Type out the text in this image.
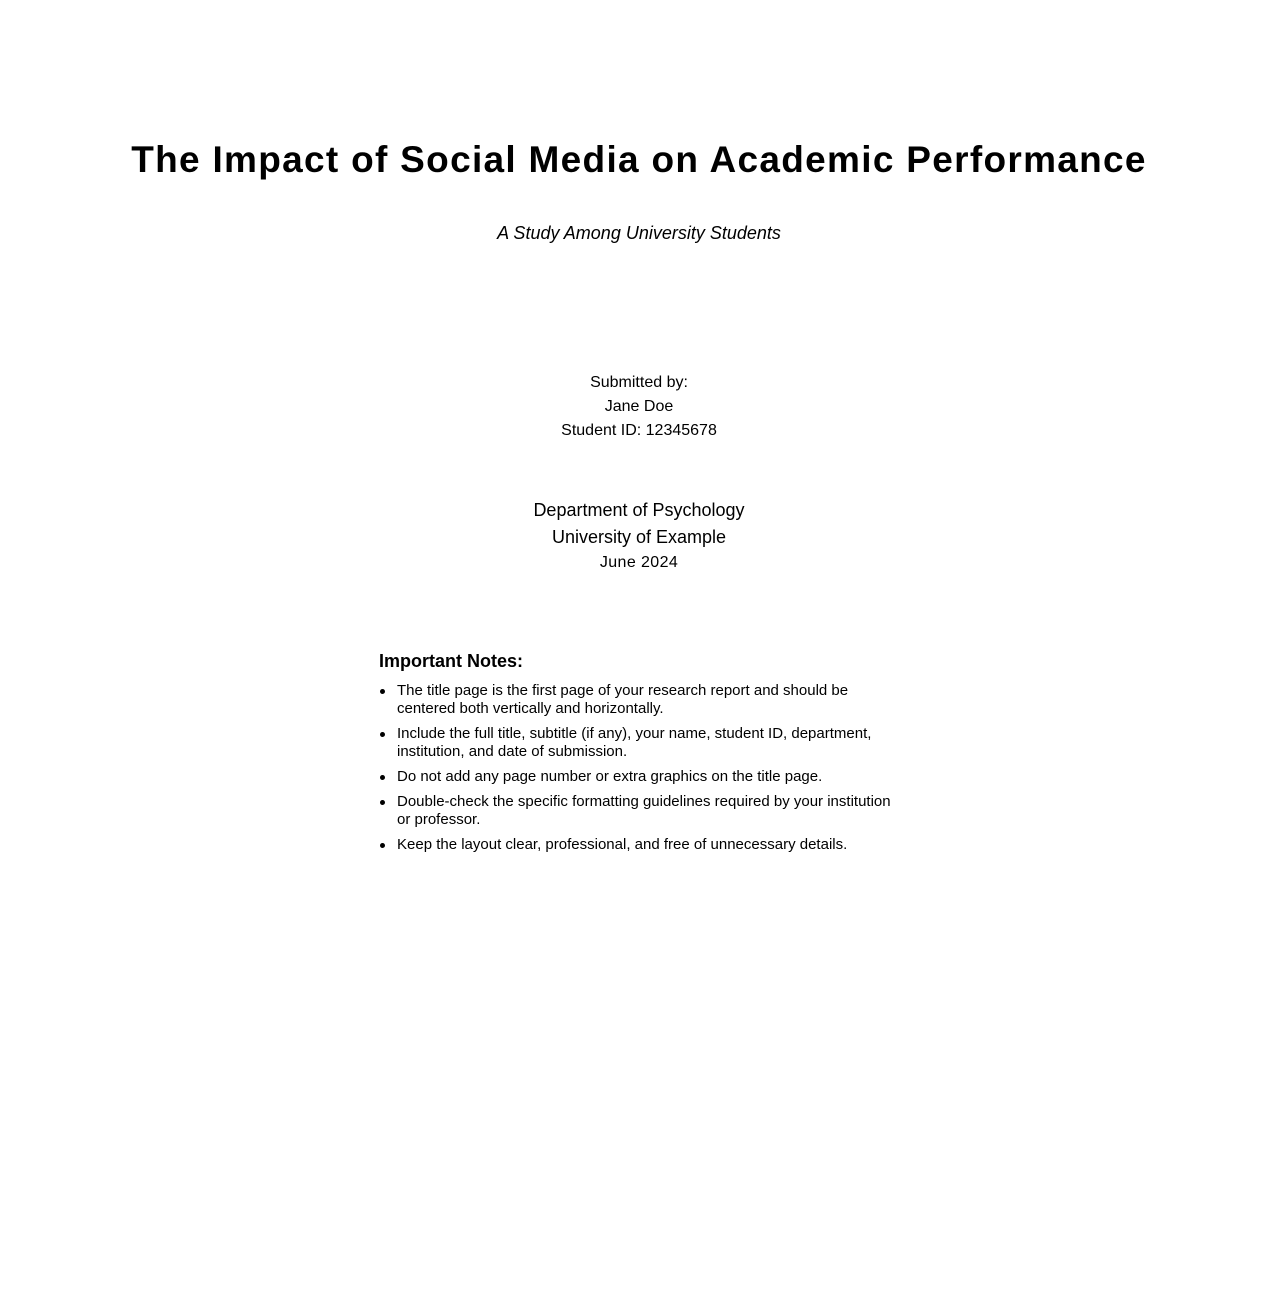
The Impact of Social Media on Academic Performance

A Study Among University Students

Submitted by:
Jane Doe
Student ID: 12345678
Department of Psychology
University of Example
June 2024
Important Notes:
The title page is the first page of your research report and should be centered both vertically and horizontally.
Include the full title, subtitle (if any), your name, student ID, department, institution, and date of submission.
Do not add any page number or extra graphics on the title page.
Double-check the specific formatting guidelines required by your institution or professor.
Keep the layout clear, professional, and free of unnecessary details.
